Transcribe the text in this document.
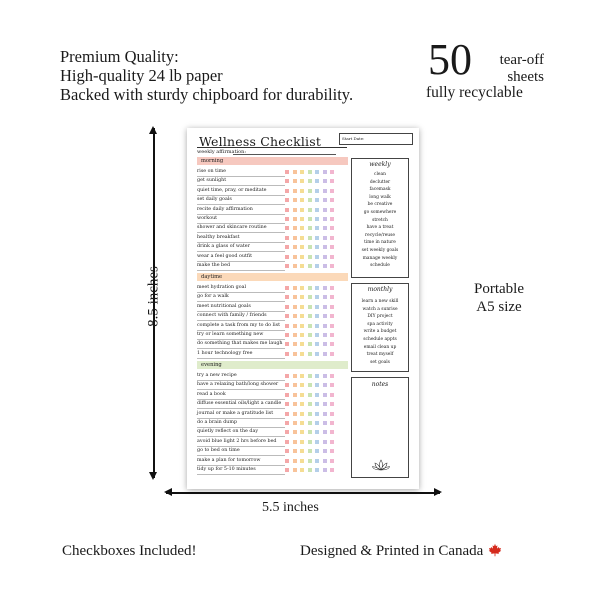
Premium Quality:
High-quality 24 lb paper
Backed with sturdy chipboard for durability.
50	tear-off
sheets
fully recyclable
8.5 inches
5.5 inches
Portable
A5 size
Checkboxes Included!	Designed & Printed in Canada
Wellness Checklist	Start Date:
weekly affirmation:
weekly
clean
declutter
facemask
long walk
be creative
go somewhere
stretch
have a treat
recycle/reuse
time in nature
set weekly goals
manage weekly
schedule
monthly
learn a new skill
watch a sunrise
DIY project
spa activity
write a budget
schedule appts
email clean up
treat myself
set goals
notes
morning
rise on time
get sunlight
quiet time, pray, or meditate
set daily goals
recite daily affirmation
workout
shower and skincare routine
healthy breakfast
drink a glass of water
wear a feel good outfit
make the bed
daytime
meet hydration goal
go for a walk
meet nutritional goals
connect with family / friends
complete a task from my to do list
try or learn something new
do something that makes me laugh
1 hour technology free
evening
try a new recipe
have a relaxing bath/long shower
read a book
diffuse essential oils/light a candle
journal or make a gratitude list
do a brain dump
quietly reflect on the day
avoid blue light 2 hrs before bed
go to bed on time
make a plan for tomorrow
tidy up for 5-10 minutes
